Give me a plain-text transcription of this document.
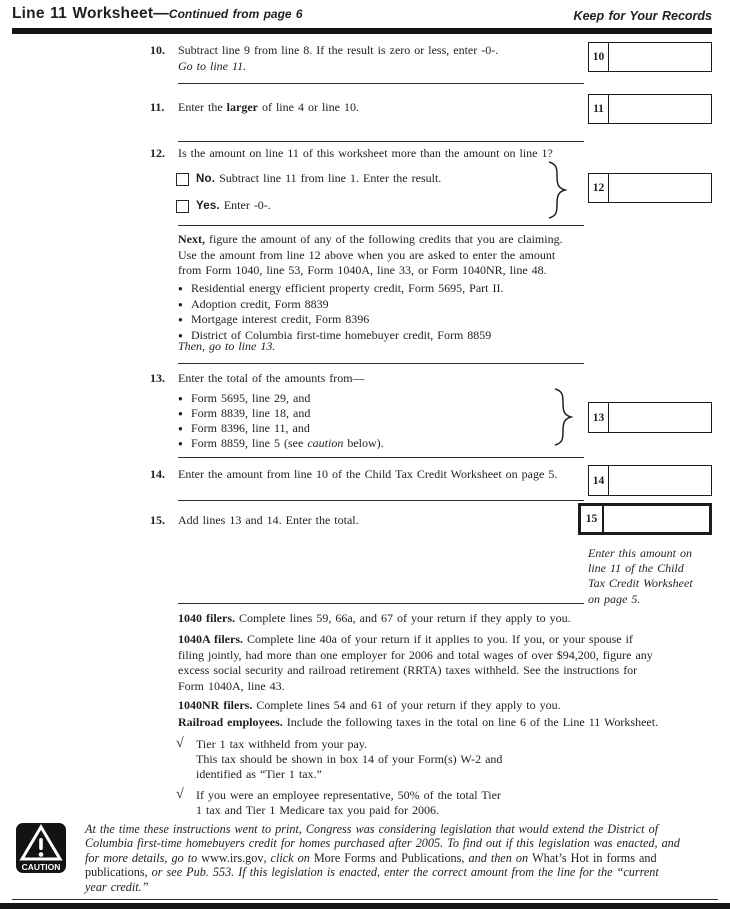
Line 11 Worksheet— Continued from page 6	Keep for Your Records
10.	Subtract line 9 from line 8. If the result is zero or less, enter -0-.
Go to line 11.
10
11.	Enter the larger of line 4 or line 10.	11
12.	Is the amount on line 11 of this worksheet more than the amount on line 1?
No. Subtract line 11 from line 1. Enter the result.
Yes. Enter -0-.
12
Next, figure the amount of any of the following credits that you are claiming.
Use the amount from line 12 above when you are asked to enter the amount
from Form 1040, line 53, Form 1040A, line 33, or Form 1040NR, line 48.
● Residential energy efficient property credit, Form 5695, Part II.
● Adoption credit, Form 8839
● Mortgage interest credit, Form 8396
● District of Columbia first-time homebuyer credit, Form 8859
Then, go to line 13.
13.	Enter the total of the amounts from—
● Form 5695, line 29, and
● Form 8839, line 18, and
● Form 8396, line 11, and
● Form 8859, line 5 (see caution below).
13
14.	Enter the amount from line 10 of the Child Tax Credit Worksheet on page 5.	14
15.	Add lines 13 and 14. Enter the total.	15
Enter this amount on
line 11 of the Child
Tax Credit Worksheet
on page 5.
1040 filers. Complete lines 59, 66a, and 67 of your return if they apply to you.
1040A filers. Complete line 40a of your return if it applies to you. If you, or your spouse if
filing jointly, had more than one employer for 2006 and total wages of over $94,200, figure any
excess social security and railroad retirement (RRTA) taxes withheld. See the instructions for
Form 1040A, line 43.
1040NR filers. Complete lines 54 and 61 of your return if they apply to you.
Railroad employees. Include the following taxes in the total on line 6 of the Line 11 Worksheet.
√ Tier 1 tax withheld from your pay.
This tax should be shown in box 14 of your Form(s) W-2 and
identified as “Tier 1 tax.”
√ If you were an employee representative, 50% of the total Tier
1 tax and Tier 1 Medicare tax you paid for 2006.
CAUTION
At the time these instructions went to print, Congress was considering legislation that would extend the District of
Columbia first-time homebuyers credit for homes purchased after 2005. To find out if this legislation was enacted, and
for more details, go to www.irs.gov, click on More Forms and Publications, and then on What’s Hot in forms and
publications, or see Pub. 553. If this legislation is enacted, enter the correct amount from the line for the “current
year credit.”
